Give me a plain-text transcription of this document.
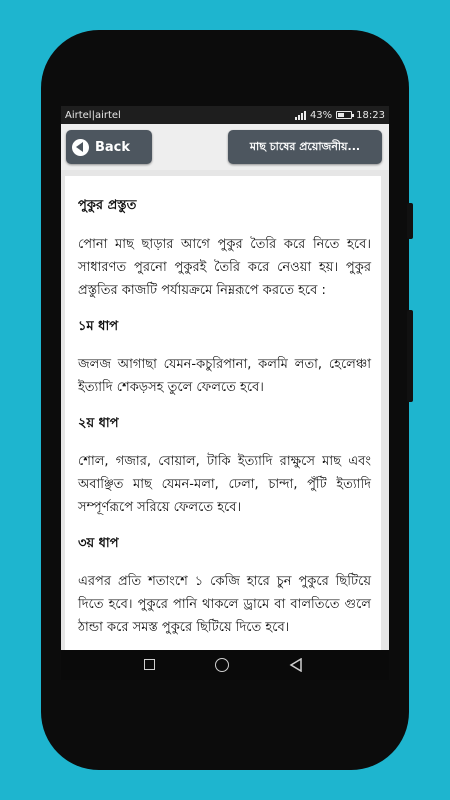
Airtel|airtel	43% 18:23
Back	মাছ চাষের প্রয়োজনীয়...
পুকুর প্রস্তুত

পোনা মাছ ছাড়ার আগে পুকুর তৈরি করে নিতে হবে। সাধারণত পুরনো পুকুরই তৈরি করে নেওয়া হয়। পুকুর প্রস্তুতির কাজটি পর্যায়ক্রমে নিম্নরূপে করতে হবে :

১ম ধাপ

জলজ আগাছা যেমন-কচুরিপানা, কলমি লতা, হেলেঞ্চা ইত্যাদি শেকড়সহ তুলে ফেলতে হবে।

২য় ধাপ

শোল, গজার, বোয়াল, টাকি ইত্যাদি রাক্ষুসে মাছ এবং অবাঞ্ছিত মাছ যেমন-মলা, ঢেলা, চান্দা, পুঁটি ইত্যাদি সম্পূর্ণরূপে সরিয়ে ফেলতে হবে।

৩য় ধাপ

এরপর প্রতি শতাংশে ১ কেজি হারে চুন পুকুরে ছিটিয়ে দিতে হবে। পুকুরে পানি থাকলে ড্রামে বা বালতিতে গুলে ঠান্ডা করে সমস্ত পুকুরে ছিটিয়ে দিতে হবে।
